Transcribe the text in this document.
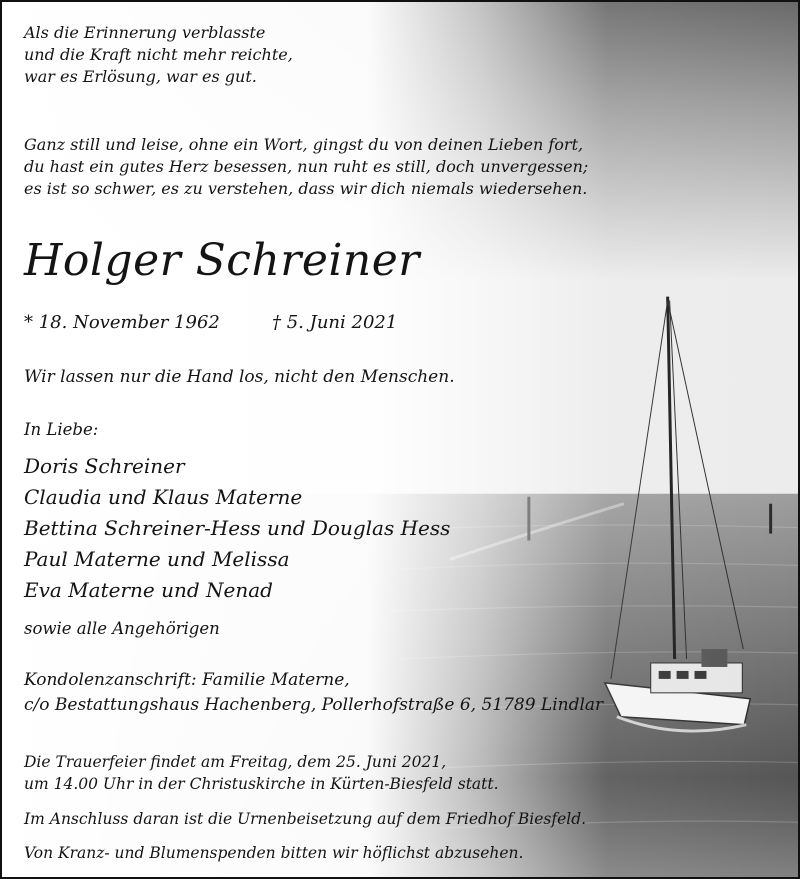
Als die Erinnerung verblasste
und die Kraft nicht mehr reichte,
war es Erlösung, war es gut.
Ganz still und leise, ohne ein Wort, gingst du von deinen Lieben fort,
du hast ein gutes Herz besessen, nun ruht es still, doch unvergessen;
es ist so schwer, es zu verstehen, dass wir dich niemals wiedersehen.
Holger Schreiner
* 18. November 1962	† 5. Juni 2021
Wir lassen nur die Hand los, nicht den Menschen.
In Liebe:
Doris Schreiner
Claudia und Klaus Materne
Bettina Schreiner-Hess und Douglas Hess
Paul Materne und Melissa
Eva Materne und Nenad
sowie alle Angehörigen
Kondolenzanschrift: Familie Materne,
c/o Bestattungshaus Hachenberg, Pollerhofstraße 6, 51789 Lindlar
Die Trauerfeier findet am Freitag, dem 25. Juni 2021,
um 14.00 Uhr in der Christuskirche in Kürten-Biesfeld statt.
Im Anschluss daran ist die Urnenbeisetzung auf dem Friedhof Biesfeld.
Von Kranz- und Blumenspenden bitten wir höflichst abzusehen.
